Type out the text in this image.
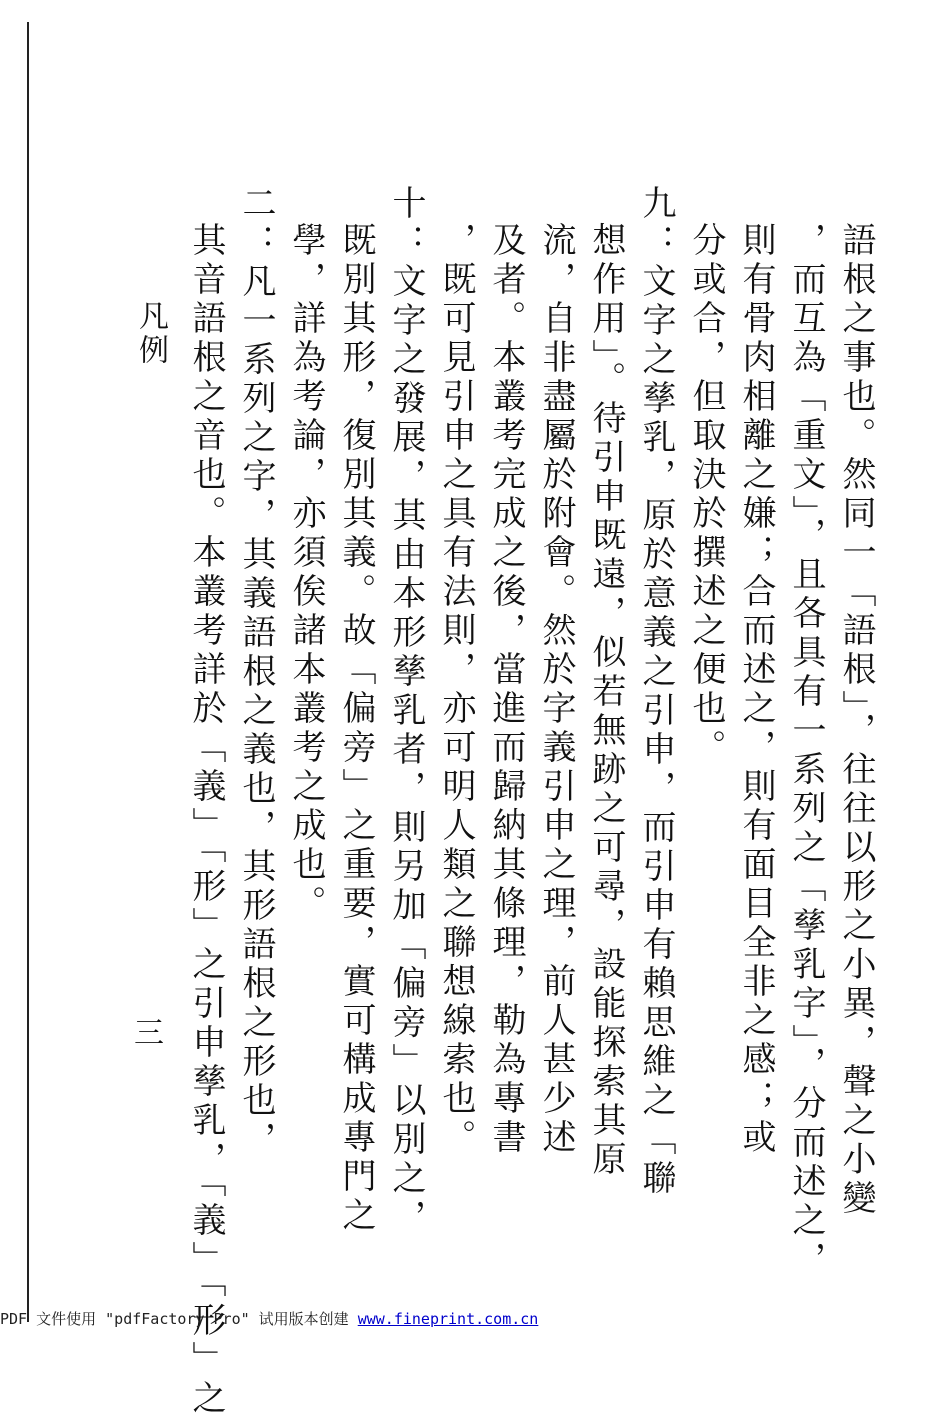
語根之事也。然同一「語根」，往往以形之小異，聲之小變
，而互為「重文」，且各具有一系列之「孳乳字」，分而述之，
則有骨肉相離之嫌；合而述之，則有面目全非之感；或
分或合，但取決於撰述之便也。
九：文字之孳乳，原於意義之引申，而引申有賴思維之「聯
想作用」。待引申既遠，似若無跡之可尋，設能探索其原
流，自非盡屬於附會。然於字義引申之理，前人甚少述
及者。本叢考完成之後，當進而歸納其條理，勒為專書
，既可見引申之具有法則，亦可明人類之聯想線索也。
十：文字之發展，其由本形孳乳者，則另加「偏旁」以別之，
既別其形，復別其義。故「偏旁」之重要，實可構成專門之
學，詳為考論，亦須俟諸本叢考之成也。
二：凡一系列之字，其義語根之義也，其形語根之形也，
其音語根之音也。本叢考詳於「義」「形」之引申孳乳，「義」「形」之
凡例
三
PDF 文件使用 "pdfFactory Pro" 试用版本创建 www.fineprint.com.cn
